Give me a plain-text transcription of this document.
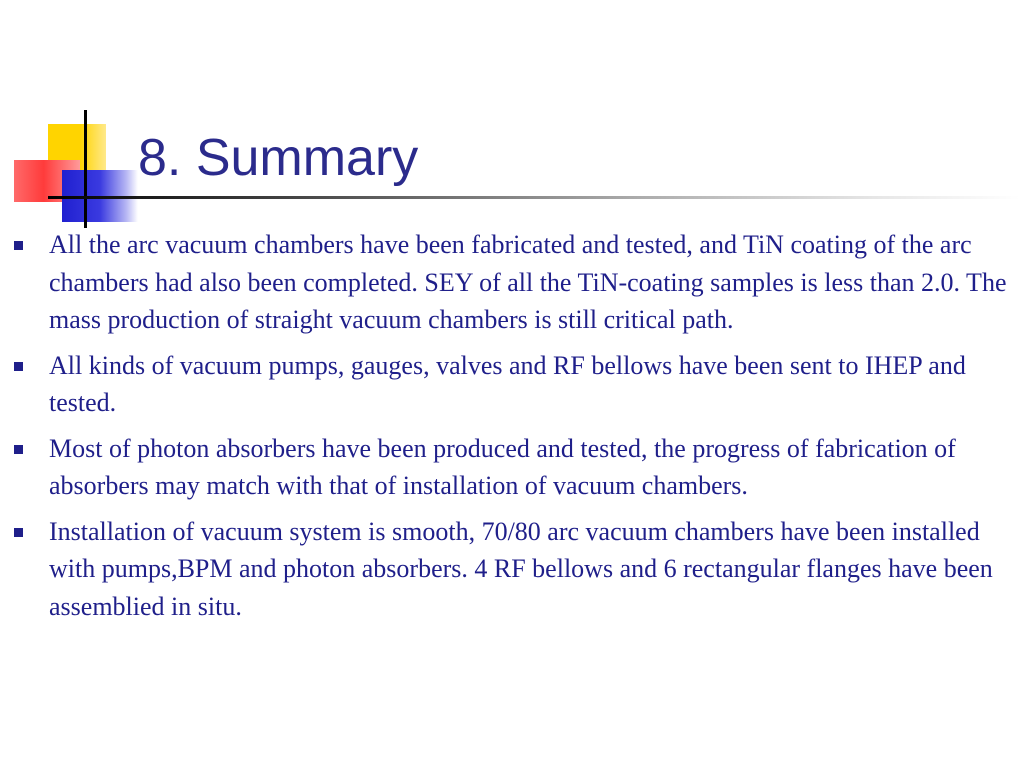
8. Summary
All the arc vacuum chambers have been fabricated and tested, and TiN coating of the arc chambers had also been completed. SEY of all the TiN-coating samples is less than 2.0. The mass production of straight vacuum chambers is still critical path.
All kinds of vacuum pumps, gauges, valves and RF bellows have been sent to IHEP and tested.
Most of photon absorbers have been produced and tested, the progress of fabrication of absorbers may match with that of installation of vacuum chambers.
Installation of vacuum system is smooth, 70/80 arc vacuum chambers have been installed with pumps,BPM and photon absorbers. 4 RF bellows and 6 rectangular flanges have been assemblied in situ.
